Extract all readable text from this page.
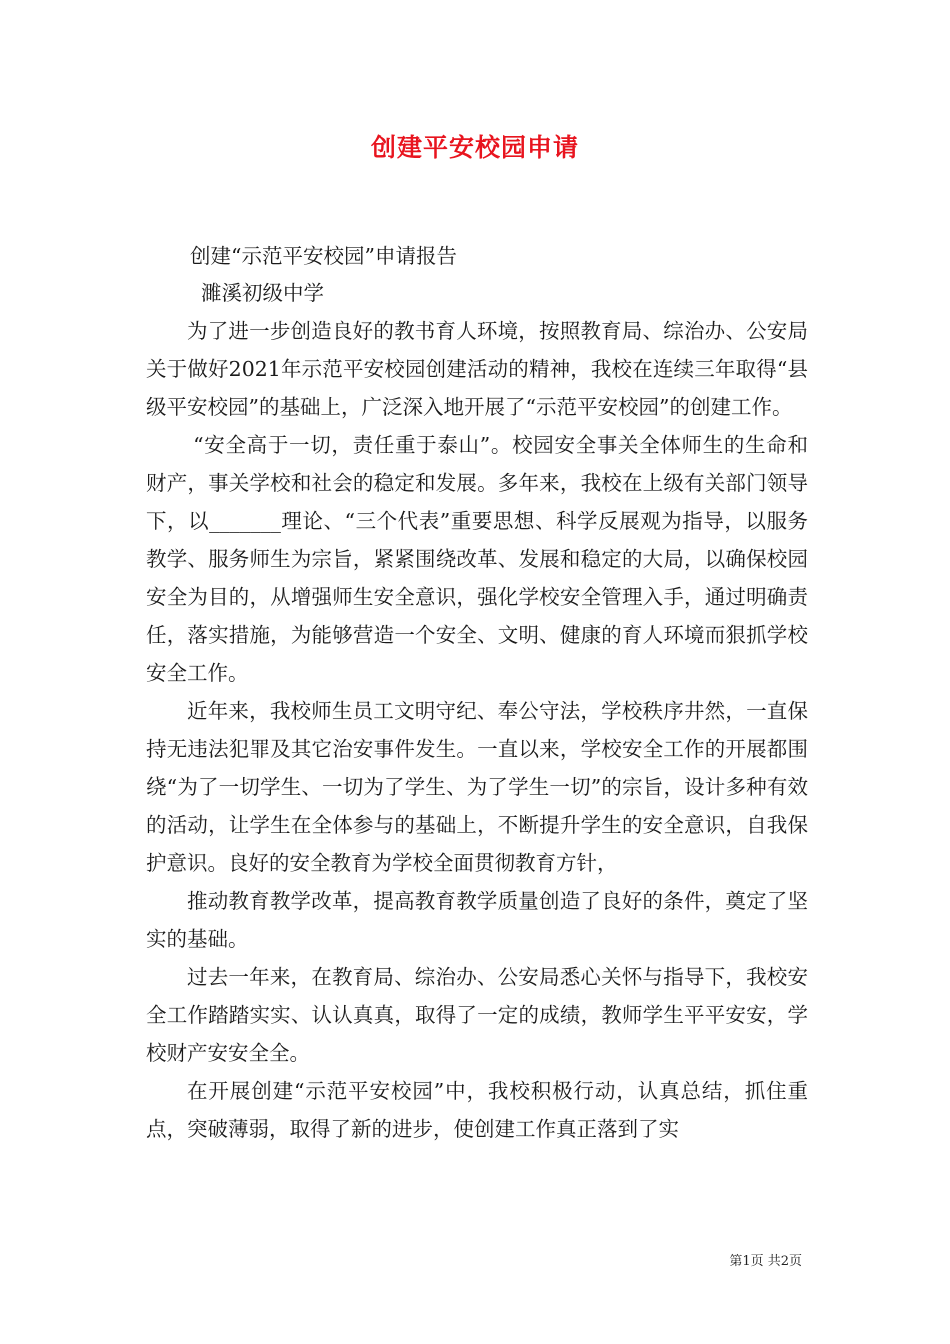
创建平安校园申请

创建“示范平安校园”申请报告

濉溪初级中学

为了进一步创造良好的教书育人环境，按照教育局、综治办、公安局关于做好2021年示范平安校园创建活动的精神，我校在连续三年取得“县级平安校园”的基础上，广泛深入地开展了“示范平安校园”的创建工作。

“安全高于一切，责任重于泰山”。校园安全事关全体师生的生命和财产，事关学校和社会的稳定和发展。多年来，我校在上级有关部门领导下，以_______理论、“三个代表”重要思想、科学反展观为指导，以服务教学、服务师生为宗旨，紧紧围绕改革、发展和稳定的大局，以确保校园安全为目的，从增强师生安全意识，强化学校安全管理入手，通过明确责任，落实措施，为能够营造一个安全、文明、健康的育人环境而狠抓学校安全工作。

近年来，我校师生员工文明守纪、奉公守法，学校秩序井然，一直保持无违法犯罪及其它治安事件发生。一直以来，学校安全工作的开展都围绕“为了一切学生、一切为了学生、为了学生一切”的宗旨，设计多种有效的活动，让学生在全体参与的基础上，不断提升学生的安全意识，自我保护意识。良好的安全教育为学校全面贯彻教育方针，

推动教育教学改革，提高教育教学质量创造了良好的条件，奠定了坚实的基础。

过去一年来，在教育局、综治办、公安局悉心关怀与指导下，我校安全工作踏踏实实、认认真真，取得了一定的成绩，教师学生平平安安，学校财产安安全全。

在开展创建“示范平安校园”中，我校积极行动，认真总结，抓住重点，突破薄弱，取得了新的进步，使创建工作真正落到了实

第1页 共2页
